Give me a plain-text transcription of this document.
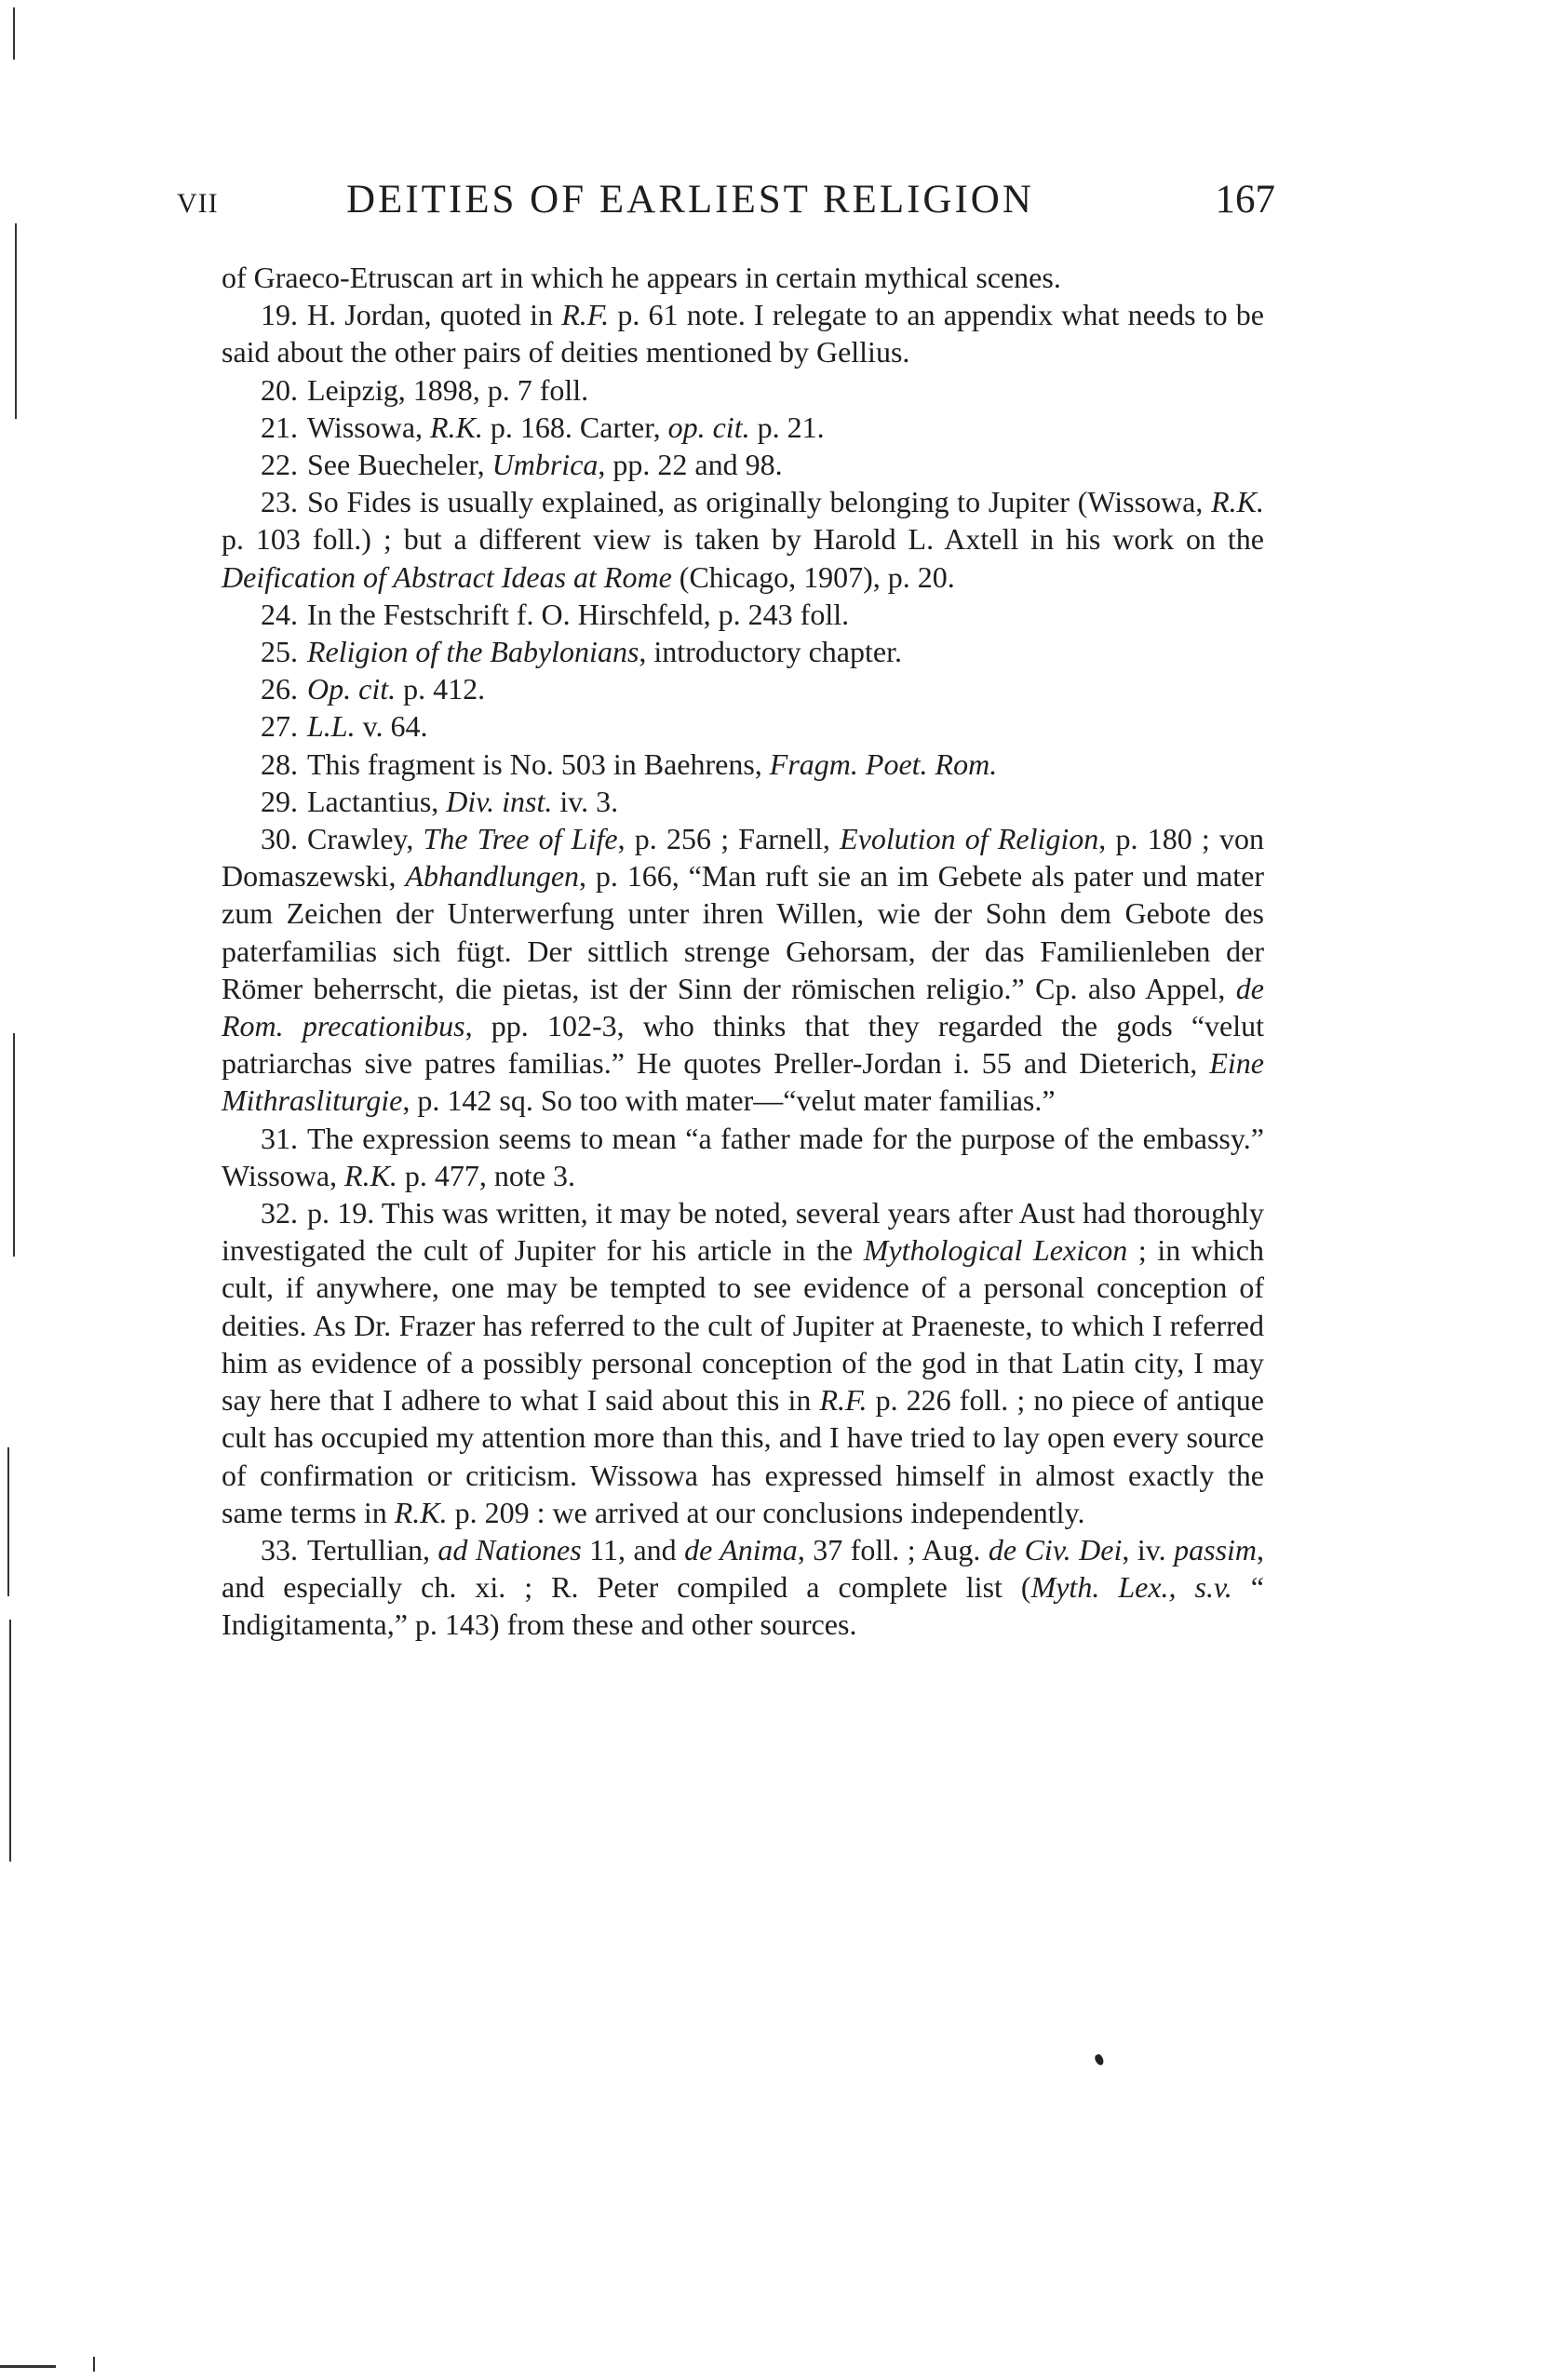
VII	DEITIES OF EARLIEST RELIGION	167

of Graeco-Etruscan art in which he appears in certain mythical scenes.

19. H. Jordan, quoted in R.F. p. 61 note. I relegate to an appendix what needs to be said about the other pairs of deities mentioned by Gellius.

20. Leipzig, 1898, p. 7 foll.

21. Wissowa, R.K. p. 168. Carter, op. cit. p. 21.

22. See Buecheler, Umbrica, pp. 22 and 98.

23. So Fides is usually explained, as originally belonging to Jupiter (Wissowa, R.K. p. 103 foll.) ; but a different view is taken by Harold L. Axtell in his work on the Deification of Abstract Ideas at Rome (Chicago, 1907), p. 20.

24. In the Festschrift f. O. Hirschfeld, p. 243 foll.

25. Religion of the Babylonians, introductory chapter.

26. Op. cit. p. 412.

27. L.L. v. 64.

28. This fragment is No. 503 in Baehrens, Fragm. Poet. Rom.

29. Lactantius, Div. inst. iv. 3.

30. Crawley, The Tree of Life, p. 256 ; Farnell, Evolution of Religion, p. 180 ; von Domaszewski, Abhandlungen, p. 166, “Man ruft sie an im Gebete als pater und mater zum Zeichen der Unterwerfung unter ihren Willen, wie der Sohn dem Gebote des paterfamilias sich fügt. Der sittlich strenge Gehorsam, der das Familienleben der Römer beherrscht, die pietas, ist der Sinn der römischen religio.” Cp. also Appel, de Rom. precationibus, pp. 102-3, who thinks that they regarded the gods “velut patriarchas sive patres familias.” He quotes Preller-Jordan i. 55 and Dieterich, Eine Mithrasliturgie, p. 142 sq. So too with mater—“velut mater familias.”

31. The expression seems to mean “a father made for the purpose of the embassy.” Wissowa, R.K. p. 477, note 3.

32. p. 19. This was written, it may be noted, several years after Aust had thoroughly investigated the cult of Jupiter for his article in the Mythological Lexicon ; in which cult, if anywhere, one may be tempted to see evidence of a personal conception of deities. As Dr. Frazer has referred to the cult of Jupiter at Praeneste, to which I referred him as evidence of a possibly personal conception of the god in that Latin city, I may say here that I adhere to what I said about this in R.F. p. 226 foll. ; no piece of antique cult has occupied my attention more than this, and I have tried to lay open every source of confirmation or criticism. Wissowa has expressed himself in almost exactly the same terms in R.K. p. 209 : we arrived at our conclusions independently.

33. Tertullian, ad Nationes 11, and de Anima, 37 foll. ; Aug. de Civ. Dei, iv. passim, and especially ch. xi. ; R. Peter compiled a complete list (Myth. Lex., s.v. “ Indigitamenta,” p. 143) from these and other sources.
